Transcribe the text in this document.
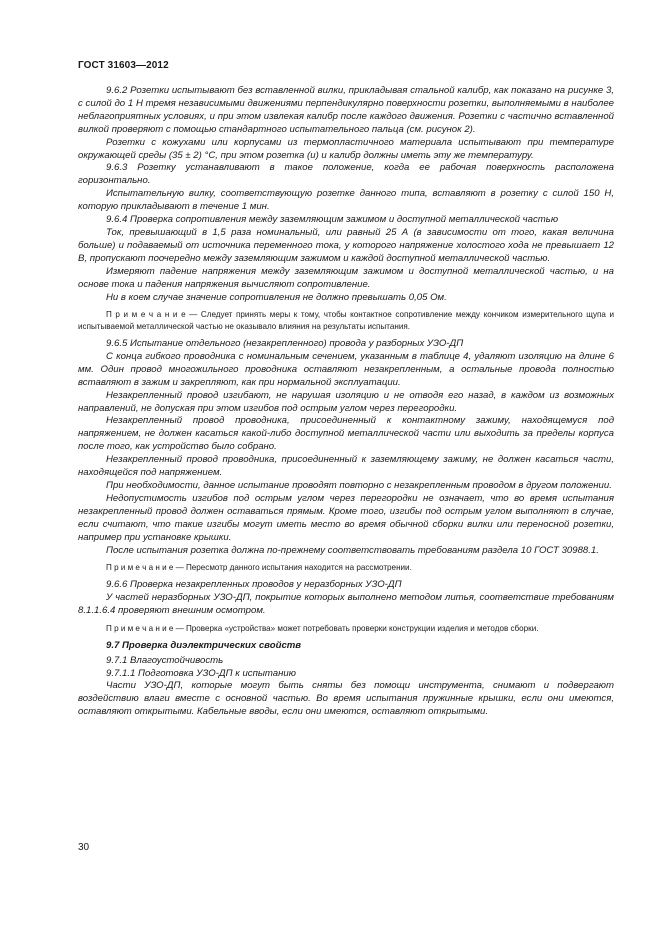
ГОСТ 31603—2012

9.6.2 Розетки испытывают без вставленной вилки, прикладывая стальной калибр, как показано на рисунке 3, с силой до 1 Н тремя независимыми движениями перпендикулярно поверхности розетки, выполняемыми в наиболее неблагоприятных условиях, и при этом извлекая калибр после каждого движения. Розетки с частично вставленной вилкой проверяют с помощью стандартного испытательного пальца (см. рисунок 2).

Розетки с кожухами или корпусами из термопластичного материала испытывают при температуре окружающей среды (35 ± 2) °С, при этом розетка (и) и калибр должны иметь эту же температуру.

9.6.3 Розетку устанавливают в такое положение, когда ее рабочая поверхность расположена горизонтально.

Испытательную вилку, соответствующую розетке данного типа, вставляют в розетку с силой 150 Н, которую прикладывают в течение 1 мин.

9.6.4 Проверка сопротивления между заземляющим зажимом и доступной металлической частью

Ток, превышающий в 1,5 раза номинальный, или равный 25 А (в зависимости от того, какая величина больше) и подаваемый от источника переменного тока, у которого напряжение холостого хода не превышает 12 В, пропускают поочередно между заземляющим зажимом и каждой доступной металлической частью.

Измеряют падение напряжения между заземляющим зажимом и доступной металлической частью, и на основе тока и падения напряжения вычисляют сопротивление.

Ни в коем случае значение сопротивления не должно превышать 0,05 Ом.

П р и м е ч а н и е — Следует принять меры к тому, чтобы контактное сопротивление между кончиком измерительного щупа и испытываемой металлической частью не оказывало влияния на результаты испытания.

9.6.5 Испытание отдельного (незакрепленного) провода у разборных УЗО-ДП

С конца гибкого проводника с номинальным сечением, указанным в таблице 4, удаляют изоляцию на длине 6 мм. Один провод многожильного проводника оставляют незакрепленным, а остальные провода полностью вставляют в зажим и закрепляют, как при нормальной эксплуатации.

Незакрепленный провод изгибают, не нарушая изоляцию и не отводя его назад, в каждом из возможных направлений, не допуская при этом изгибов под острым углом через перегородки.

Незакрепленный провод проводника, присоединенный к контактному зажиму, находящемуся под напряжением, не должен касаться какой-либо доступной металлической части или выходить за пределы корпуса после того, как устройство было собрано.

Незакрепленный провод проводника, присоединенный к заземляющему зажиму, не должен касаться части, находящейся под напряжением.

При необходимости, данное испытание проводят повторно с незакрепленным проводом в другом положении.

Недопустимость изгибов под острым углом через перегородки не означает, что во время испытания незакрепленный провод должен оставаться прямым. Кроме того, изгибы под острым углом выполняют в случае, если считают, что такие изгибы могут иметь место во время обычной сборки вилки или переносной розетки, например при установке крышки.

После испытания розетка должна по-прежнему соответствовать требованиям раздела 10 ГОСТ 30988.1.

П р и м е ч а н и е — Пересмотр данного испытания находится на рассмотрении.

9.6.6 Проверка незакрепленных проводов у неразборных УЗО-ДП

У частей неразборных УЗО-ДП, покрытие которых выполнено методом литья, соответствие требованиям 8.1.1.6.4 проверяют внешним осмотром.

П р и м е ч а н и е — Проверка «устройства» может потребовать проверки конструкции изделия и методов сборки.

9.7 Проверка диэлектрических свойств

9.7.1 Влагоустойчивость

9.7.1.1 Подготовка УЗО-ДП к испытанию

Части УЗО-ДП, которые могут быть сняты без помощи инструмента, снимают и подвергают воздействию влаги вместе с основной частью. Во время испытания пружинные крышки, если они имеются, оставляют открытыми. Кабельные вводы, если они имеются, оставляют открытыми.

30
